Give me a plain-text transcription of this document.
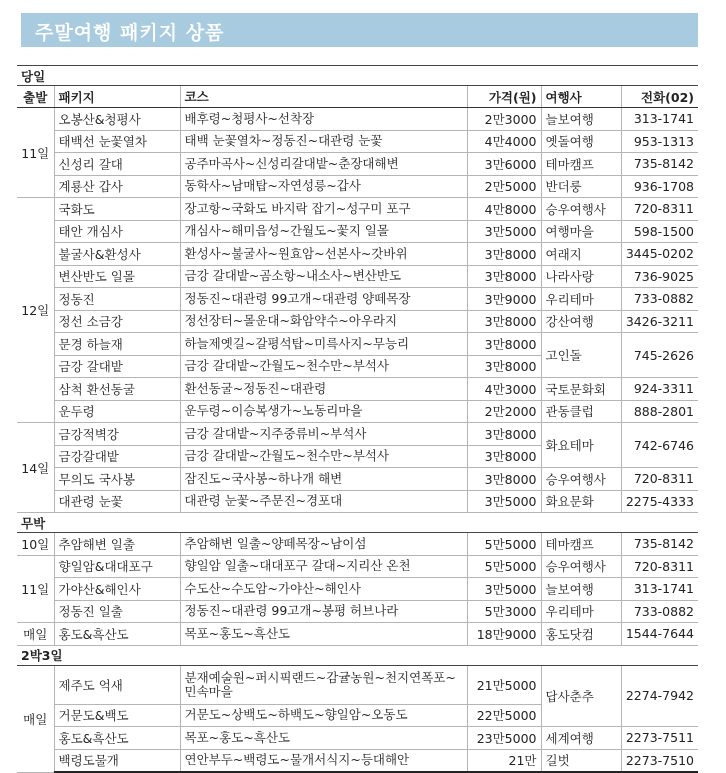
주말여행 패키지 상품
당일					
출발	패키지	코스	가격(원)	여행사	전화(02)
11일	오봉산&청평사	배후령~청평사~선착장	2만3000	늘보여행	313-1741
	태백선 눈꽃열차	태백 눈꽃열차~정동진~대관령 눈꽃	4만4000	옛돌여행	953-1313
	신성리 갈대	공주마곡사~신성리갈대밭~춘장대해변	3만6000	테마캠프	735-8142
	계룡산 갑사	동학사~남매탑~자연성릉~갑사	2만5000	반더룽	936-1708
12일	국화도	장고항~국화도 바지락 잡기~성구미 포구	4만8000	승우여행사	720-8311
	태안 개심사	개심사~해미읍성~간월도~꽃지 일몰	3만5000	여행마을	598-1500
	불굴사&환성사	환성사~불굴사~원효암~선본사~갓바위	3만8000	여래지	3445-0202
	변산반도 일몰	금강 갈대밭~곰소항~내소사~변산반도	3만8000	나라사랑	736-9025
	정동진	정동진~대관령 99고개~대관령 양떼목장	3만9000	우리테마	733-0882
	정선 소금강	정선장터~몰운대~화암약수~아우라지	3만8000	강산여행	3426-3211
	문경 하늘재	하늘제옛길~갈평석탑~미륵사지~무능리	3만8000	고인돌	745-2626
	금강 갈대밭	금강 갈대밭~간월도~천수만~부석사	3만8000		
	삼척 환선동굴	환선동굴~정동진~대관령	4만3000	국토문화회	924-3311
	운두령	운두령~이승복생가~노동리마을	2만2000	관동클럽	888-2801
14일	금강적벽강	금강 갈대밭~지주중류비~부석사	3만8000	화요테마	742-6746
	금강갈대밭	금강 갈대밭~간월도~천수만~부석사	3만8000		
	무의도 국사봉	잠진도~국사봉~하나개 해변	3만8000	승우여행사	720-8311
	대관령 눈꽃	대관령 눈꽃~주문진~경포대	3만5000	화요문화	2275-4333
무박					
10일	추암해변 일출	추암해변 일출~양떼목장~남이섬	5만5000	테마캠프	735-8142
11일	향일암&대대포구	향일암 일출~대대포구 갈대~지리산 온천	5만5000	승우여행사	720-8311
	가야산&해인사	수도산~수도암~가야산~해인사	3만5000	늘보여행	313-1741
	정동진 일출	정동진~대관령 99고개~봉평 허브나라	5만3000	우리테마	733-0882
매일	홍도&흑산도	목포~홍도~흑산도	18만9000	홍도닷컴	1544-7644
2박3일					
매일	제주도 억새	분재예술원~퍼시픽랜드~감귤농원~천지연폭포~민속마을	21만5000	답사춘추	2274-7942
	거문도&백도	거문도~상백도~하백도~향일암~오동도	22만5000		
	홍도&흑산도	목포~홍도~흑산도	23만5000	세계여행	2273-7511
	백령도물개	연안부두~백령도~물개서식지~등대해안	21만	길벗	2273-7510
